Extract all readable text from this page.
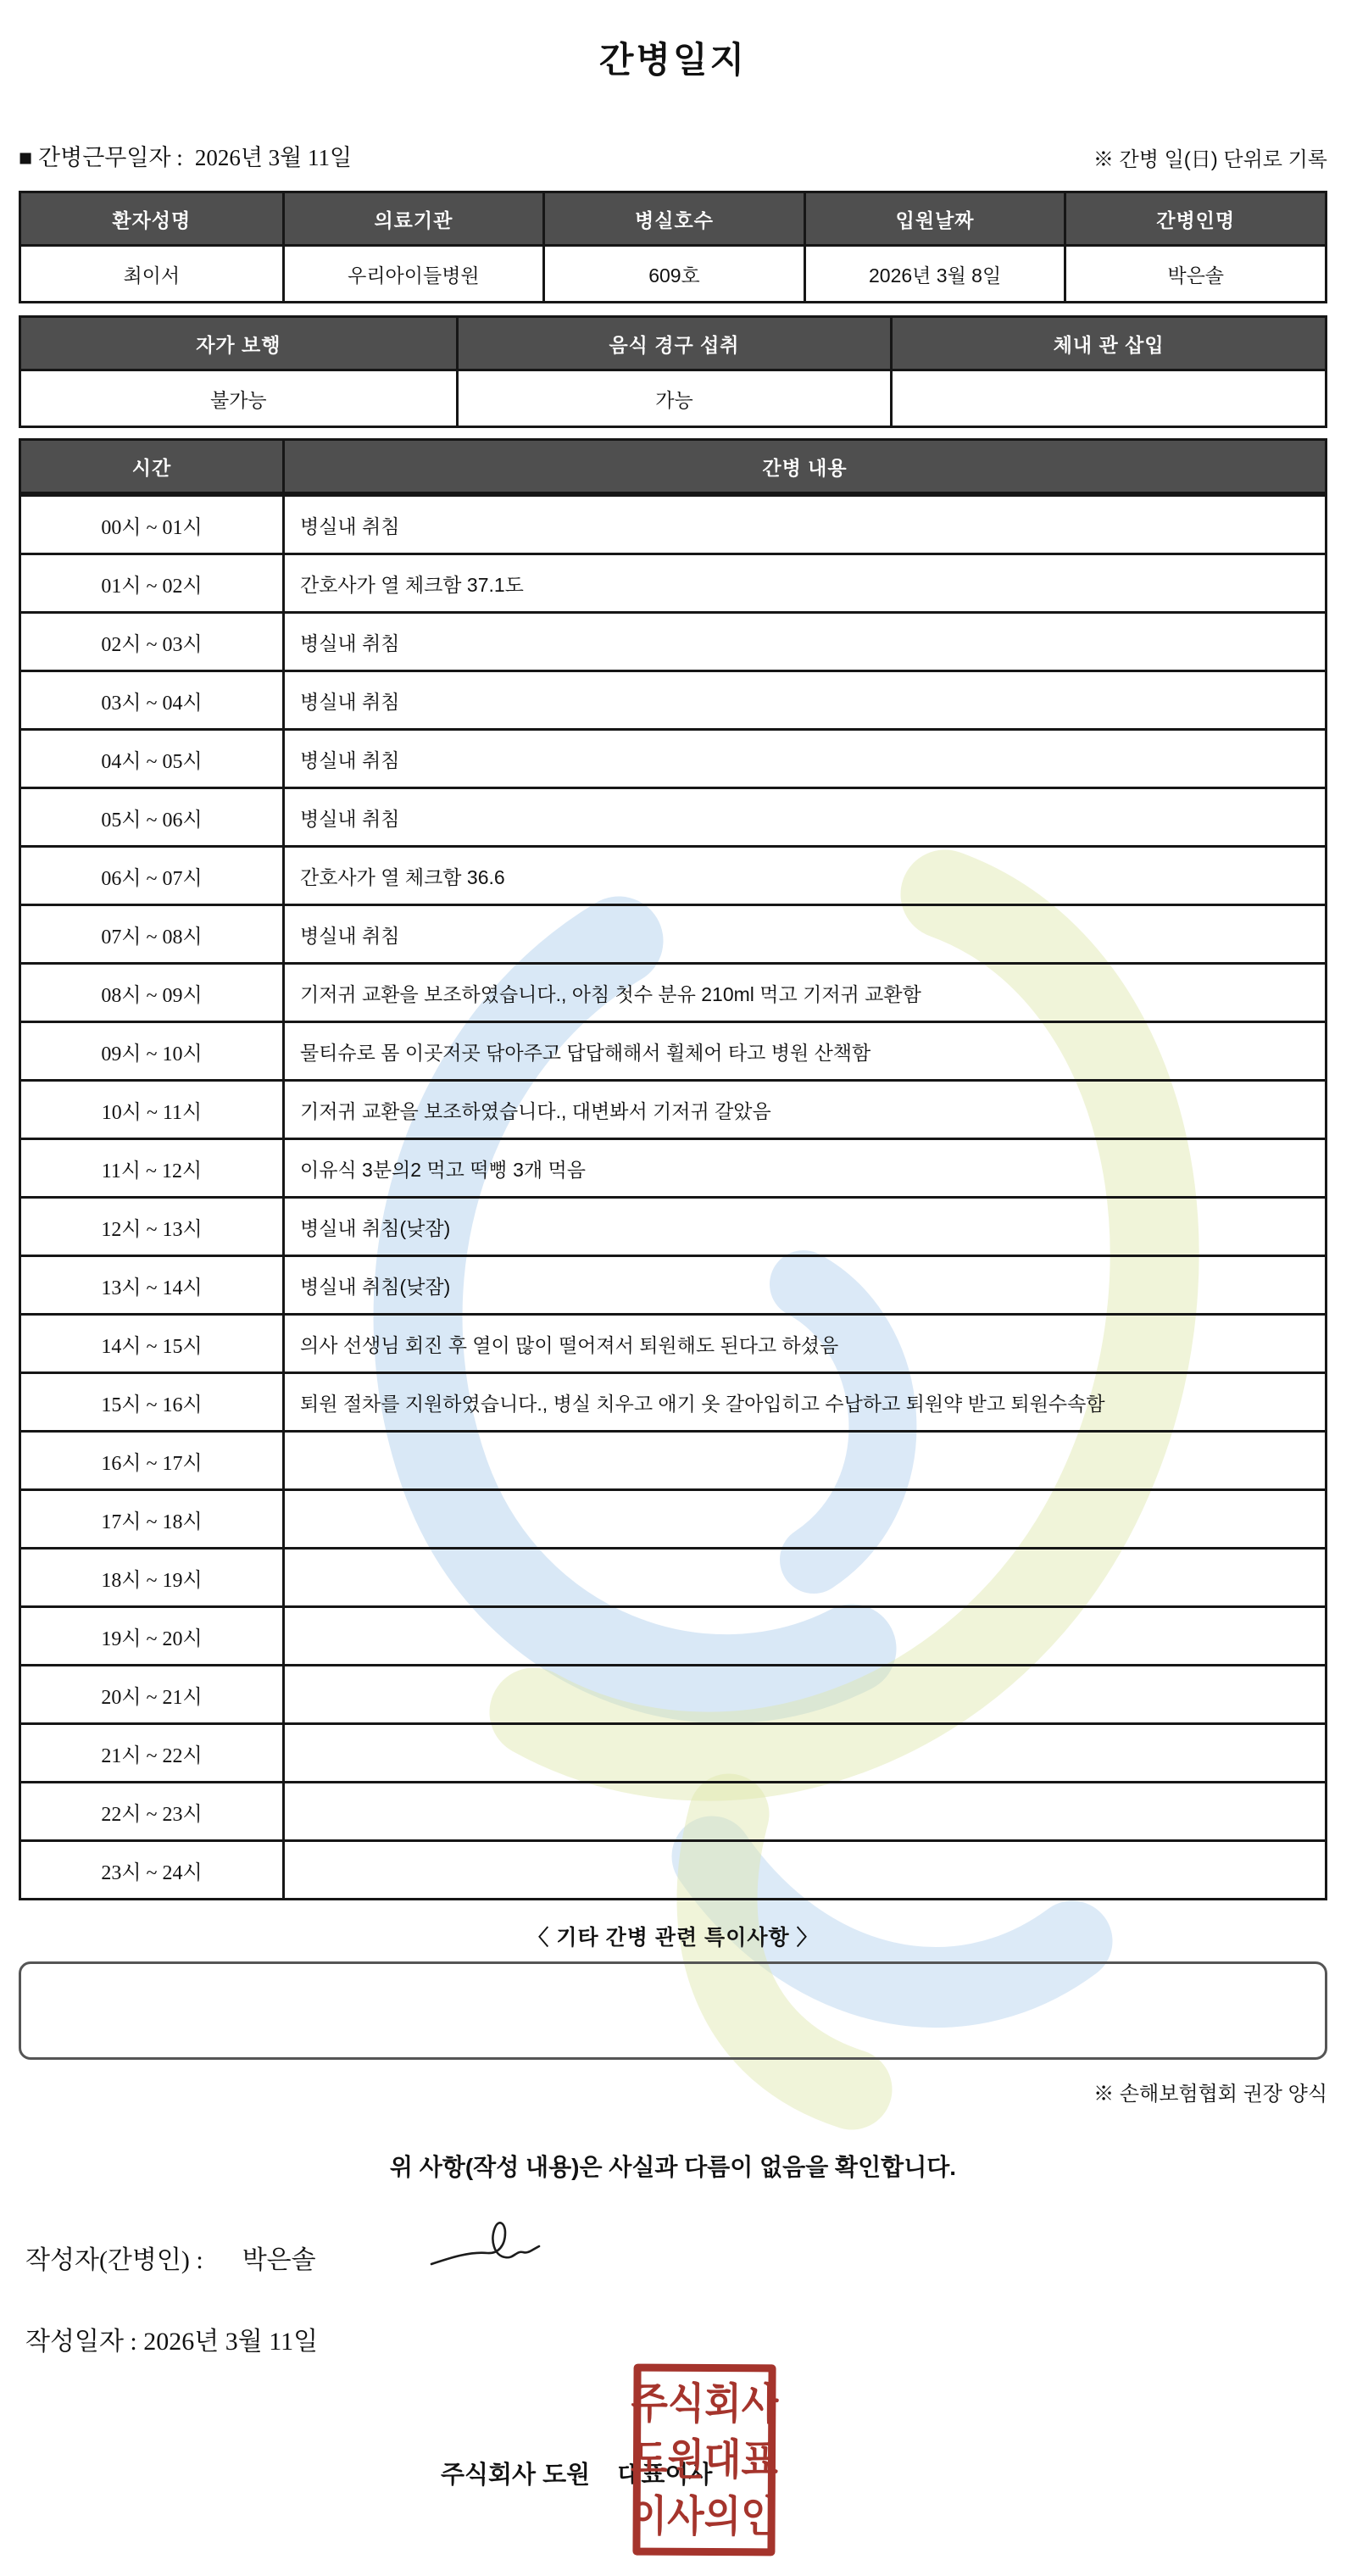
간병일지
■ 간병근무일자 : 2026년 3월 11일	※ 간병 일(日) 단위로 기록
환자성명	의료기관	병실호수	입원날짜	간병인명
최이서	우리아이들병원	609호	2026년 3월 8일	박은솔
자가 보행	음식 경구 섭취	체내 관 삽입
불가능	가능
시간	간병 내용
00시 ~ 01시	병실내 취침
01시 ~ 02시	간호사가 열 체크함 37.1도
02시 ~ 03시	병실내 취침
03시 ~ 04시	병실내 취침
04시 ~ 05시	병실내 취침
05시 ~ 06시	병실내 취침
06시 ~ 07시	간호사가 열 체크함 36.6
07시 ~ 08시	병실내 취침
08시 ~ 09시	기저귀 교환을 보조하였습니다., 아침 첫수 분유 210ml 먹고 기저귀 교환함
09시 ~ 10시	물티슈로 몸 이곳저곳 닦아주고 답답해해서 휠체어 타고 병원 산책함
10시 ~ 11시	기저귀 교환을 보조하였습니다., 대변봐서 기저귀 갈았음
11시 ~ 12시	이유식 3분의2 먹고 떡뻥 3개 먹음
12시 ~ 13시	병실내 취침(낮잠)
13시 ~ 14시	병실내 취침(낮잠)
14시 ~ 15시	의사 선생님 회진 후 열이 많이 떨어져서 퇴원해도 된다고 하셨음
15시 ~ 16시	퇴원 절차를 지원하였습니다., 병실 치우고 애기 옷 갈아입히고 수납하고 퇴원약 받고 퇴원수속함
16시 ~ 17시
17시 ~ 18시
18시 ~ 19시
19시 ~ 20시
20시 ~ 21시
21시 ~ 22시
22시 ~ 23시
23시 ~ 24시
〈 기타 간병 관련 특이사항 〉
※ 손해보험협회 권장 양식
위 사항(작성 내용)은 사실과 다름이 없음을 확인합니다.
작성자(간병인) : 박은솔
작성일자 : 2026년 3월 11일
주식회사 도원    대표이사
주식회사
도원대표
이사의인
